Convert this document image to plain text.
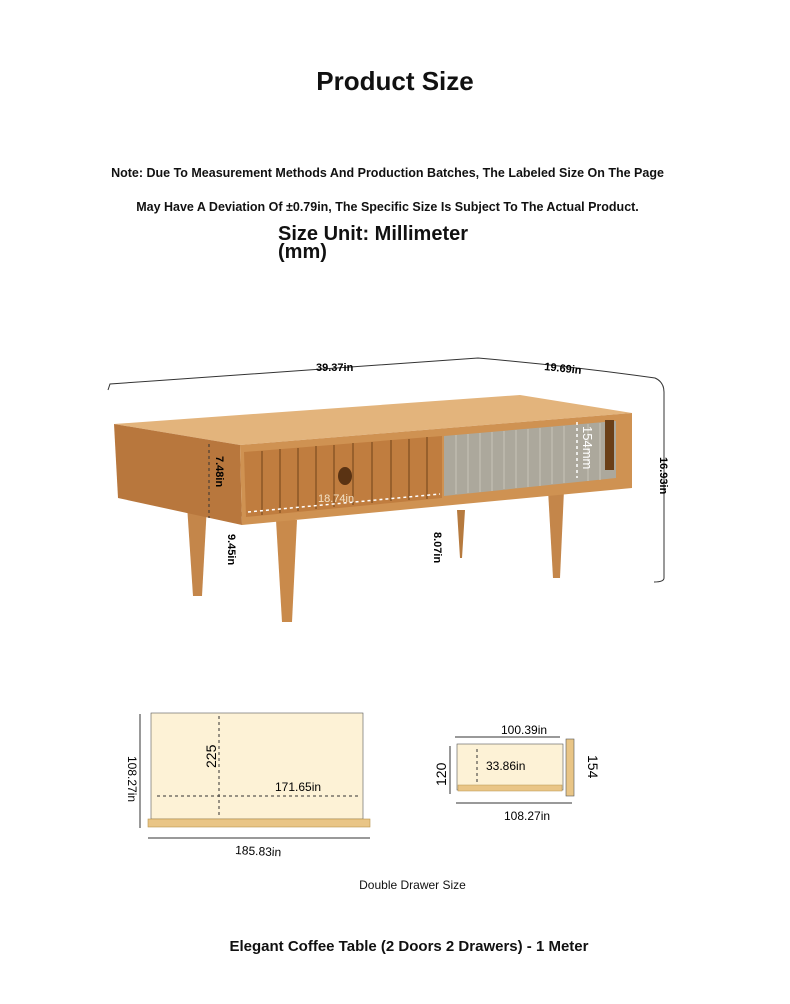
Product Size
Note: Due To Measurement Methods And Production Batches, The Labeled Size On The Page
May Have A Deviation Of ±0.79in, The Specific Size Is Subject To The Actual Product.
Size Unit: Millimeter (mm)
39.37in	19.69in
16.93in
7.48in
18.74in
9.45in	8.07in
154mm
225
171.65in
108.27in
185.83in
100.39in
33.86in
120	154
108.27in
Double Drawer Size
Elegant Coffee Table (2 Doors 2 Drawers) - 1 Meter
